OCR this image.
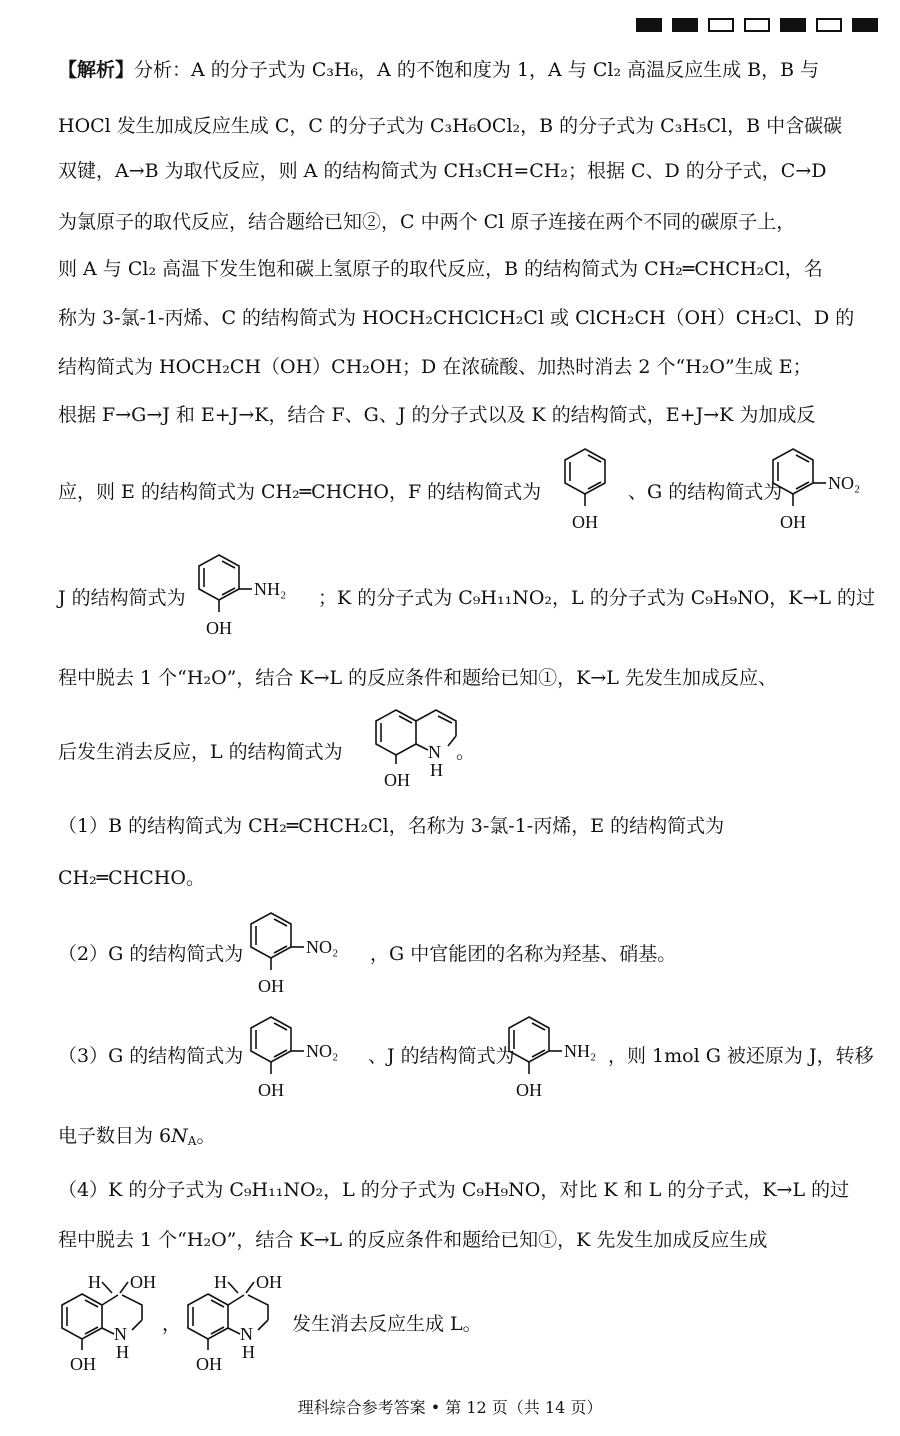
【解析】分析：A 的分子式为 C₃H₆，A 的不饱和度为 1，A 与 Cl₂ 高温反应生成 B，B 与
HOCl 发生加成反应生成 C，C 的分子式为 C₃H₆OCl₂，B 的分子式为 C₃H₅Cl，B 中含碳碳
双键，A→B 为取代反应，则 A 的结构简式为 CH₃CH=CH₂；根据 C、D 的分子式，C→D
为氯原子的取代反应，结合题给已知②，C 中两个 Cl 原子连接在两个不同的碳原子上，
则 A 与 Cl₂ 高温下发生饱和碳上氢原子的取代反应，B 的结构简式为 CH₂═CHCH₂Cl，名
称为 3-氯-1-丙烯、C 的结构简式为 HOCH₂CHClCH₂Cl 或 ClCH₂CH（OH）CH₂Cl、D 的
结构简式为 HOCH₂CH（OH）CH₂OH；D 在浓硫酸、加热时消去 2 个“H₂O”生成 E；
根据 F→G→J 和 E+J→K，结合 F、G、J 的分子式以及 K 的结构简式，E+J→K 为加成反
应，则 E 的结构简式为 CH₂═CHCHO，F 的结构简式为	、G 的结构简式为
J 的结构简式为	；K 的分子式为 C₉H₁₁NO₂，L 的分子式为 C₉H₉NO，K→L 的过
程中脱去 1 个“H₂O”，结合 K→L 的反应条件和题给已知①，K→L 先发生加成反应、
后发生消去反应，L 的结构简式为	。
（1）B 的结构简式为 CH₂═CHCH₂Cl，名称为 3-氯-1-丙烯，E 的结构简式为
CH₂═CHCHO。
（2）G 的结构简式为	，G 中官能团的名称为羟基、硝基。
（3）G 的结构简式为	、J 的结构简式为	，则 1mol G 被还原为 J，转移
电子数目为 $6N_A$。
（4）K 的分子式为 C₉H₁₁NO₂，L 的分子式为 C₉H₉NO，对比 K 和 L 的分子式，K→L 的过
程中脱去 1 个“H₂O”，结合 K→L 的反应条件和题给已知①，K 先发生加成反应生成
，	发生消去反应生成 L。
OH	OH
NO₂
OH
NH₂
N
H
OH
OH
NO₂
OH
NO₂
OH
NH₂
H OH
N
H
OH
H OH
N
H
OH
理科综合参考答案 • 第 12 页（共 14 页）
